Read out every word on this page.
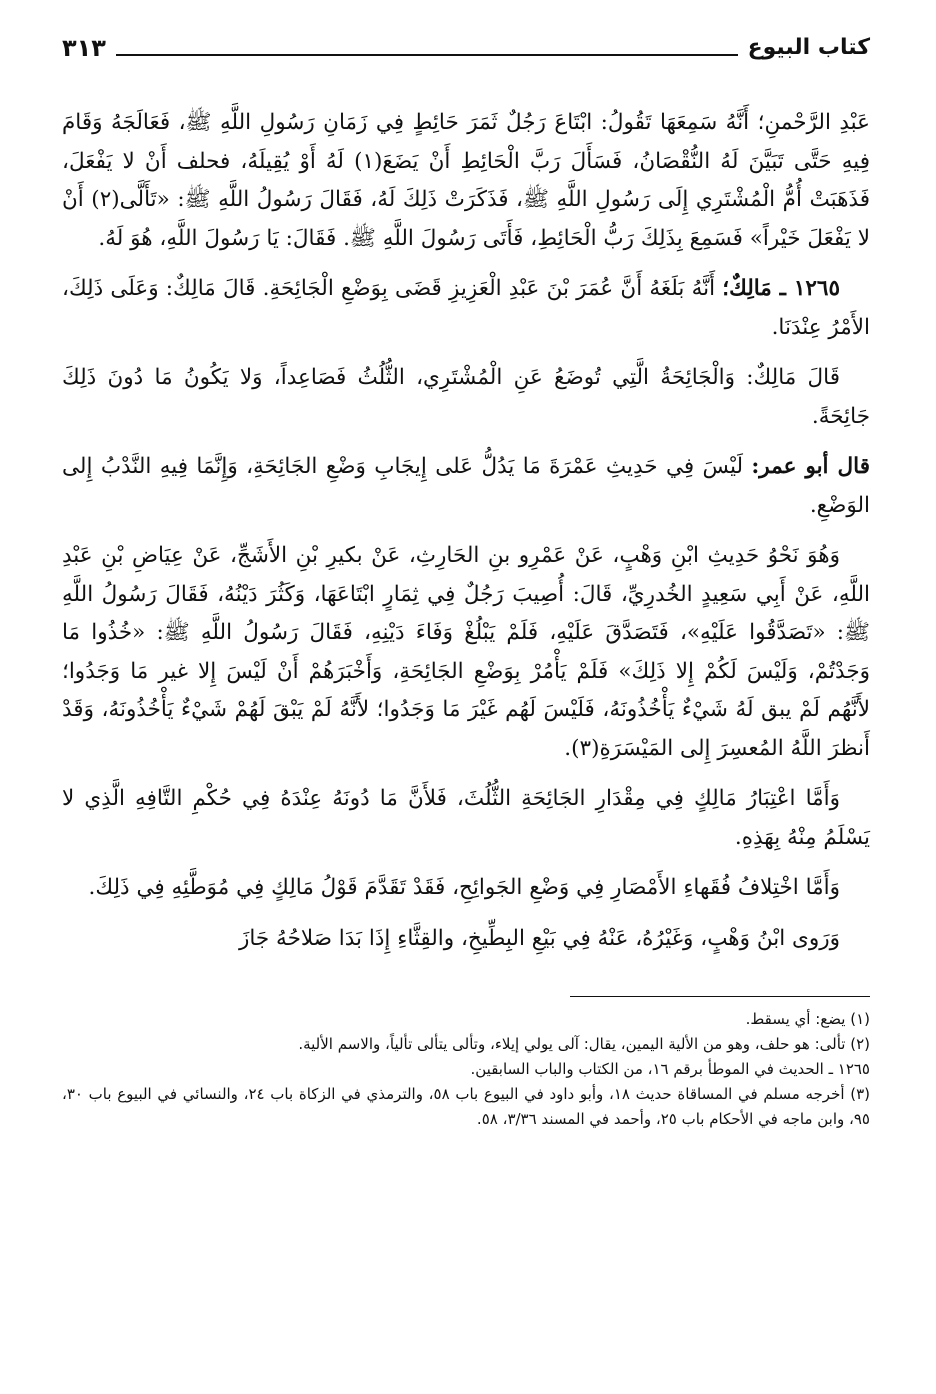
كتاب البيوع
٣١٣

عَبْدِ الرَّحْمنِ؛ أَنَّهُ سَمِعَهَا تَقُولُ: ابْتَاعَ رَجُلٌ ثَمَرَ حَائِطٍ فِي زَمَانِ رَسُولِ اللَّهِ ﷺ، فَعَالَجَهُ وَقَامَ فِيهِ حَتَّى تَبَيَّنَ لَهُ النُّقْصَانُ، فَسَأَلَ رَبَّ الْحَائِطِ أَنْ يَضَعَ(١) لَهُ أَوْ يُقِيلَهُ، فحلف أَنْ لا يَفْعَلَ، فَذَهَبَتْ أُمُّ الْمُشْتَرِي إِلَى رَسُولِ اللَّهِ ﷺ، فَذَكَرَتْ ذَلِكَ لَهُ، فَقَالَ رَسُولُ اللَّهِ ﷺ: «تَأَلَّى(٢) أَنْ لا يَفْعَلَ خَيْراً» فَسَمِعَ بِذَلِكَ رَبُّ الْحَائِطِ، فَأَتَى رَسُولَ اللَّهِ ﷺ. فَقَالَ: يَا رَسُولَ اللَّهِ، هُوَ لَهُ.

١٢٦٥ ـ مَالِكٌ؛ أَنَّهُ بَلَغَهُ أَنَّ عُمَرَ بْنَ عَبْدِ الْعَزِيزِ قَضَى بِوَضْعِ الْجَائِحَةِ. قَالَ مَالِكٌ: وَعَلَى ذَلِكَ، الأَمْرُ عِنْدَنَا.

قَالَ مَالِكٌ: وَالْجَائِحَةُ الَّتِي تُوضَعُ عَنِ الْمُشْتَرِي، الثُّلُثُ فَصَاعِداً، وَلا يَكُونُ مَا دُونَ ذَلِكَ جَائِحَةً.

قال أبو عمر: لَيْسَ فِي حَدِيثِ عَمْرَةَ مَا يَدُلُّ عَلى إِيجَابِ وَضْعِ الجَائِحَةِ، وَإِنَّمَا فِيهِ النَّدْبُ إِلى الوَضْعِ.

وَهُوَ نَحْوُ حَدِيثِ ابْنِ وَهْبٍ، عَنْ عَمْرِو بنِ الحَارِثِ، عَنْ بكيرِ بْنِ الأَشَجِّ، عَنْ عِيَاضِ بْنِ عَبْدِ اللَّهِ، عَنْ أَبِي سَعِيدٍ الخُدرِيِّ، قَالَ: أُصِيبَ رَجُلٌ فِي ثِمَارٍ ابْتَاعَهَا، وَكَثُرَ دَيْنُهُ، فَقَالَ رَسُولُ اللَّهِ ﷺ: «تَصَدَّقُوا عَلَيْهِ»، فَتَصَدَّقَ عَلَيْهِ، فَلَمْ يَبْلُغْ وَفَاءَ دَيْنِهِ، فَقَالَ رَسُولُ اللَّهِ ﷺ: «خُذُوا مَا وَجَدْتُمْ، وَلَيْسَ لَكُمْ إِلا ذَلِكَ» فَلَمْ يَأْمُرْ بِوَضْعِ الجَائِحَةِ، وَأَخْبَرَهُمْ أَنْ لَيْسَ إِلا غير مَا وَجَدُوا؛ لأَنَّهُم لَمْ يبق لَهُ شَيْءٌ يَأْخُذُونَهُ، فَلَيْسَ لَهُم غَيْرَ مَا وَجَدُوا؛ لأَنَّهُ لَمْ يَبْقَ لَهُمْ شَيْءٌ يَأْخُذُونَهُ، وَقَدْ أَنظرَ اللَّهُ المُعسِرَ إِلى المَيْسَرَةِ(٣).

وَأَمَّا اعْتِبَارُ مَالِكٍ فِي مِقْدَارِ الجَائِحَةِ الثُّلُثَ، فَلأَنَّ مَا دُونَهُ عِنْدَهُ فِي حُكْمِ التَّافِهِ الَّذِي لا يَسْلَمُ مِنْهُ بِهَذِهِ.

وَأَمَّا اخْتِلافُ فُقَهاءِ الأَمْصَارِ فِي وَضْعِ الجَوائِحِ، فَقَدْ تَقَدَّمَ قَوْلُ مَالِكٍ فِي مُوَطَّئِهِ فِي ذَلِكَ.

وَرَوى ابْنُ وَهْبٍ، وَغَيْرُهُ، عَنْهُ فِي بَيْعِ البِطِّيخِ، والقِثَّاءِ إِذَا بَدَا صَلاحُهُ جَازَ

(١) يضع: أي يسقط.

(٢) تألى: هو حلف، وهو من الألية اليمين، يقال: آلى يولي إيلاء، وتألى يتألى تألياً، والاسم الألية.

١٢٦٥ ـ الحديث في الموطأ برقم ١٦، من الكتاب والباب السابقين.

(٣) أخرجه مسلم في المساقاة حديث ١٨، وأبو داود في البيوع باب ٥٨، والترمذي في الزكاة باب ٢٤، والنسائي في البيوع باب ٣٠، ٩٥، وابن ماجه في الأحكام باب ٢٥، وأحمد في المسند ٣/٣٦، ٥٨.
